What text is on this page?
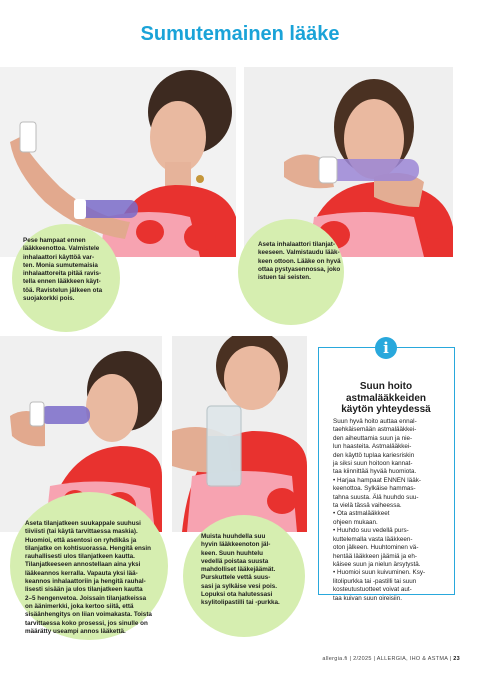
Sumutemainen lääke
Pese hampaat ennen
lääkkeenottoa. Valmistele
inhalaattori käyttöä var-
ten. Monia sumutemaisia
inhalaattoreita pitää ravis-
tella ennen lääkkeen käyt-
töä. Ravistelun jälkeen ota
suojakorkki pois.
Aseta inhalaattori tilanjat-
keeseen. Valmistaudu lääk-
keen ottoon. Lääke on hyvä
ottaa pystyasennossa, joko
istuen tai seisten.
Aseta tilanjatkeen suukappale suuhusi
tiiviisti (tai käytä tarvittaessa maskia).
Huomioi, että asentosi on ryhdikäs ja
tilanjatke on kohtisuorassa. Hengitä ensin
rauhallisesti ulos tilanjatkeen kautta.
Tilanjatkeeseen annostellaan aina yksi
lääkeannos kerralla. Vapauta yksi lää-
keannos inhalaattoriin ja hengitä rauhal-
lisesti sisään ja ulos tilanjatkeen kautta
2–5 hengenvetoa. Joissain tilanjatkeissa
on äänimerkki, joka kertoo siitä, että
sisäänhengitys on liian voimakasta. Toista
tarvittaessa koko prosessi, jos sinulle on
määrätty useampi annos lääkettä.
Muista huuhdella suu
hyvin lääkkeenoton jäl-
keen. Suun huuhtelu
vedellä poistaa suusta
mahdolliset lääkejäämät.
Purskuttele vettä suus-
sasi ja sylkäise vesi pois.
Lopuksi ota halutessasi
ksylitolipastilli tai -purkka.
i
Suun hoito
astmalääkkeiden
käytön yhteydessä

Suun hyvä hoito auttaa ennal-

taehkäisemään astmalääkkei-

den aiheuttamia suun ja nie-

lun haasteita. Astmalääkkei-

den käyttö tuplaa kariesriskin

ja siksi suun hoitoon kannat-

taa kiinnittää hyvää huomiota.

• Harjaa hampaat ENNEN lääk-

keenottoa. Sylkäise hammas-

tahna suusta. Älä huuhdo suu-

ta vielä tässä vaiheessa.

• Ota astmalääkkeet

ohjeen mukaan.

• Huuhdo suu vedellä purs-

kuttelemalla vasta lääkkeen-

oton jälkeen. Huuhtominen vä-

hentää lääkkeen jäämiä ja eh-

käisee suun ja nielun ärsytystä.

• Huomioi suun kuivuminen. Ksy-

litolipurkka tai -pastilli tai suun

kosteutustuotteet voivat aut-

taa kuivan suun oireisiin.

allergia.fi | 2/2025 | ALLERGIA, IHO & ASTMA | 23
